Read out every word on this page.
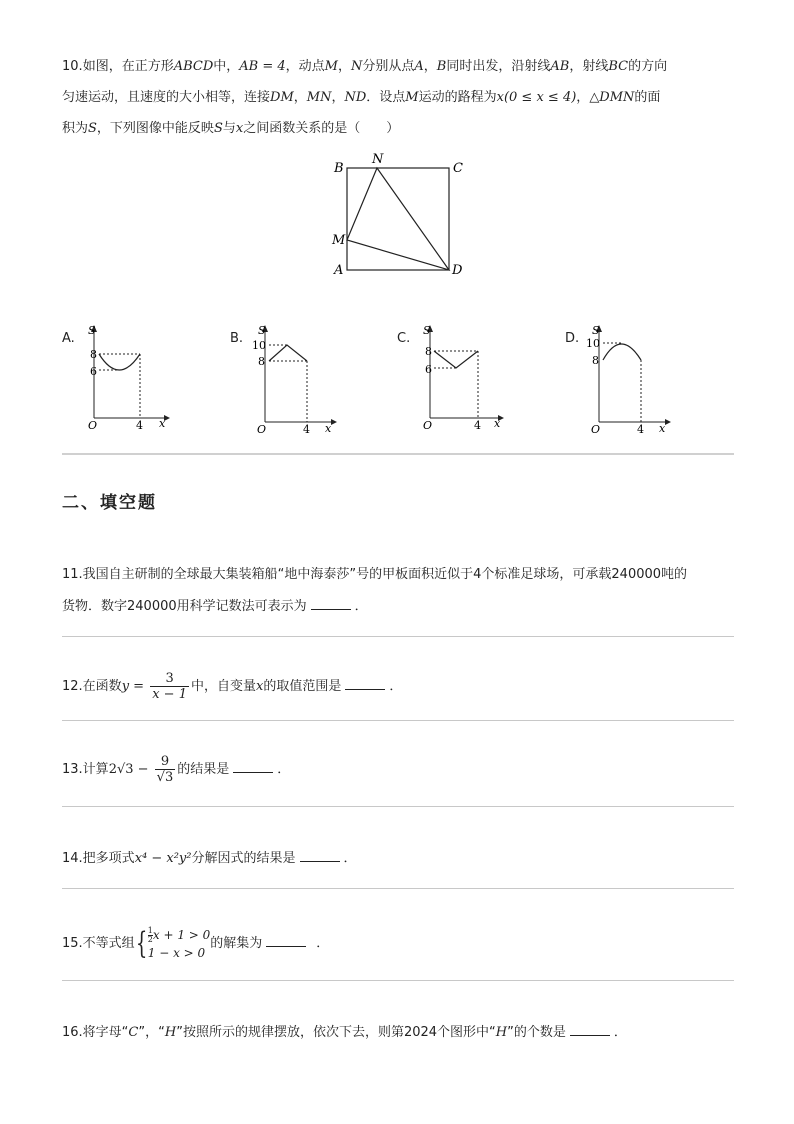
10.如图，在正方形ABCD中，AB = 4，动点M，N分别从点A，B同时出发，沿射线AB，射线BC的方向
匀速运动，且速度的大小相等，连接DM，MN，ND．设点M运动的路程为x(0 ≤ x ≤ 4)，△DMN的面
积为S，下列图像中能反映S与x之间函数关系的是（　　）
B
N
C
M
A	D
A.
S
x
O
8
6
4
B.
S
x
O
10
8
4
C.
S
x
O
8
6
4
D.
S
x
O
10
8
4
二、填空题
11.我国自主研制的全球最大集装箱船“地中海泰莎”号的甲板面积近似于4个标准足球场，可承载240000吨的
货物．数字240000用科学记数法可表示为	．
12.在函数$y = \frac{3}{x - 1}$ 中，自变量x的取值范围是	．
13.计算$2√3 - \frac{9}{√3}$ 的结果是	．
14.把多项式x⁴ − x²y²分解因式的结果是	．
15.不等式组{ $\frac{1}{2}$ x + 1 > 0
1 − x > 0
的解集为	．
16.将字母“C”，“H”按照所示的规律摆放，依次下去，则第2024个图形中“H”的个数是	．
